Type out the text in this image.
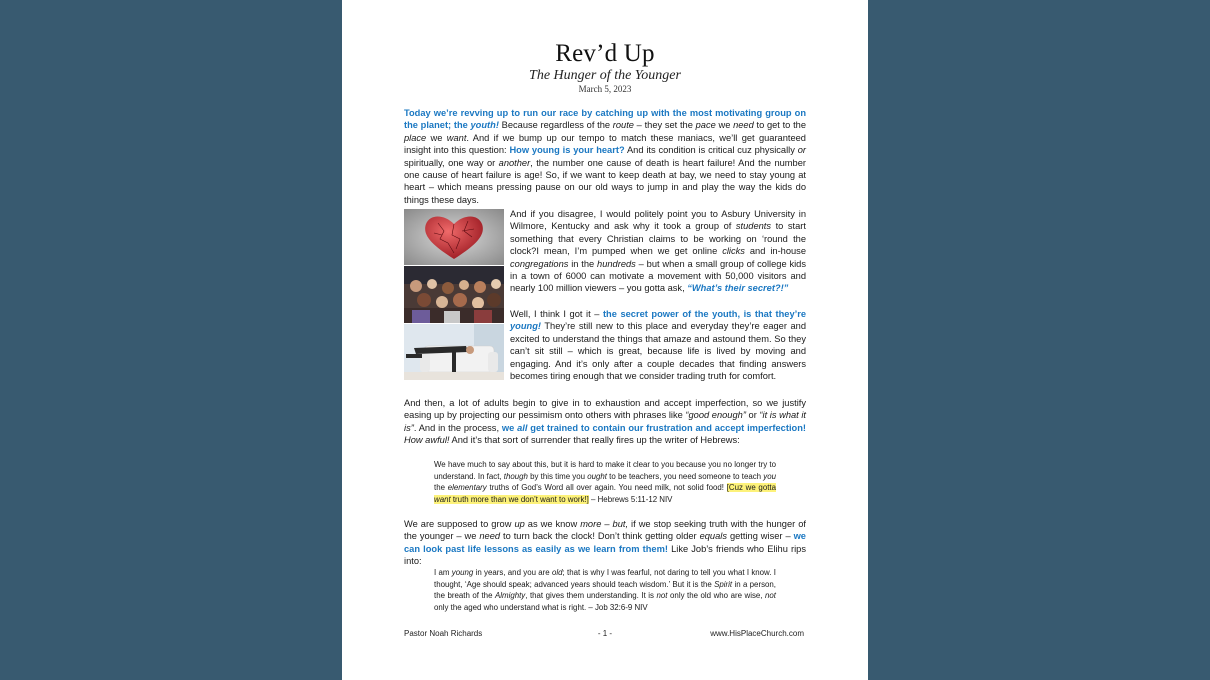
Rev’d Up
The Hunger of the Younger
March 5, 2023

Today we’re revving up to run our race by catching up with the most motivating group on the planet; the youth! Because regardless of the route – they set the pace we need to get to the place we want. And if we bump up our tempo to match these maniacs, we’ll get guaranteed insight into this question: How young is your heart? And its condition is critical cuz physically or spiritually, one way or another, the number one cause of death is heart failure! And the number one cause of heart failure is age! So, if we want to keep death at bay, we need to stay young at heart – which means pressing pause on our old ways to jump in and play the way the kids do things these days.

And if you disagree, I would politely point you to Asbury University in Wilmore, Kentucky and ask why it took a group of students to start something that every Christian claims to be working on ‘round the clock?I mean, I’m pumped when we get online clicks and in-house congregations in the hundreds – but when a small group of college kids in a town of 6000 can motivate a movement with 50,000 visitors and nearly 100 million viewers – you gotta ask, “What’s their secret?!”

Well, I think I got it – the secret power of the youth, is that they’re young! They’re still new to this place and everyday they’re eager and excited to understand the things that amaze and astound them. So they can’t sit still – which is great, because life is lived by moving and engaging. And it’s only after a couple decades that finding answers becomes tiring enough that we consider trading truth for comfort.

And then, a lot of adults begin to give in to exhaustion and accept imperfection, so we justify easing up by projecting our pessimism onto others with phrases like “good enough” or “it is what it is”. And in the process, we all get trained to contain our frustration and accept imperfection! How awful! And it’s that sort of surrender that really fires up the writer of Hebrews:

We have much to say about this, but it is hard to make it clear to you because you no longer try to understand. In fact, though by this time you ought to be teachers, you need someone to teach you the elementary truths of God’s Word all over again. You need milk, not solid food! [Cuz we gotta want truth more than we don’t want to work!] – Hebrews 5:11-12 NIV

We are supposed to grow up as we know more – but, if we stop seeking truth with the hunger of the younger – we need to turn back the clock! Don’t think getting older equals getting wiser – we can look past life lessons as easily as we learn from them! Like Job’s friends who Elihu rips into:

I am young in years, and you are old; that is why I was fearful, not daring to tell you what I know. I thought, ‘Age should speak; advanced years should teach wisdom.’ But it is the Spirit in a person, the breath of the Almighty, that gives them understanding. It is not only the old who are wise, not only the aged who understand what is right. – Job 32:6-9 NIV

Pastor Noah Richards	- 1 -	www.HisPlaceChurch.com
